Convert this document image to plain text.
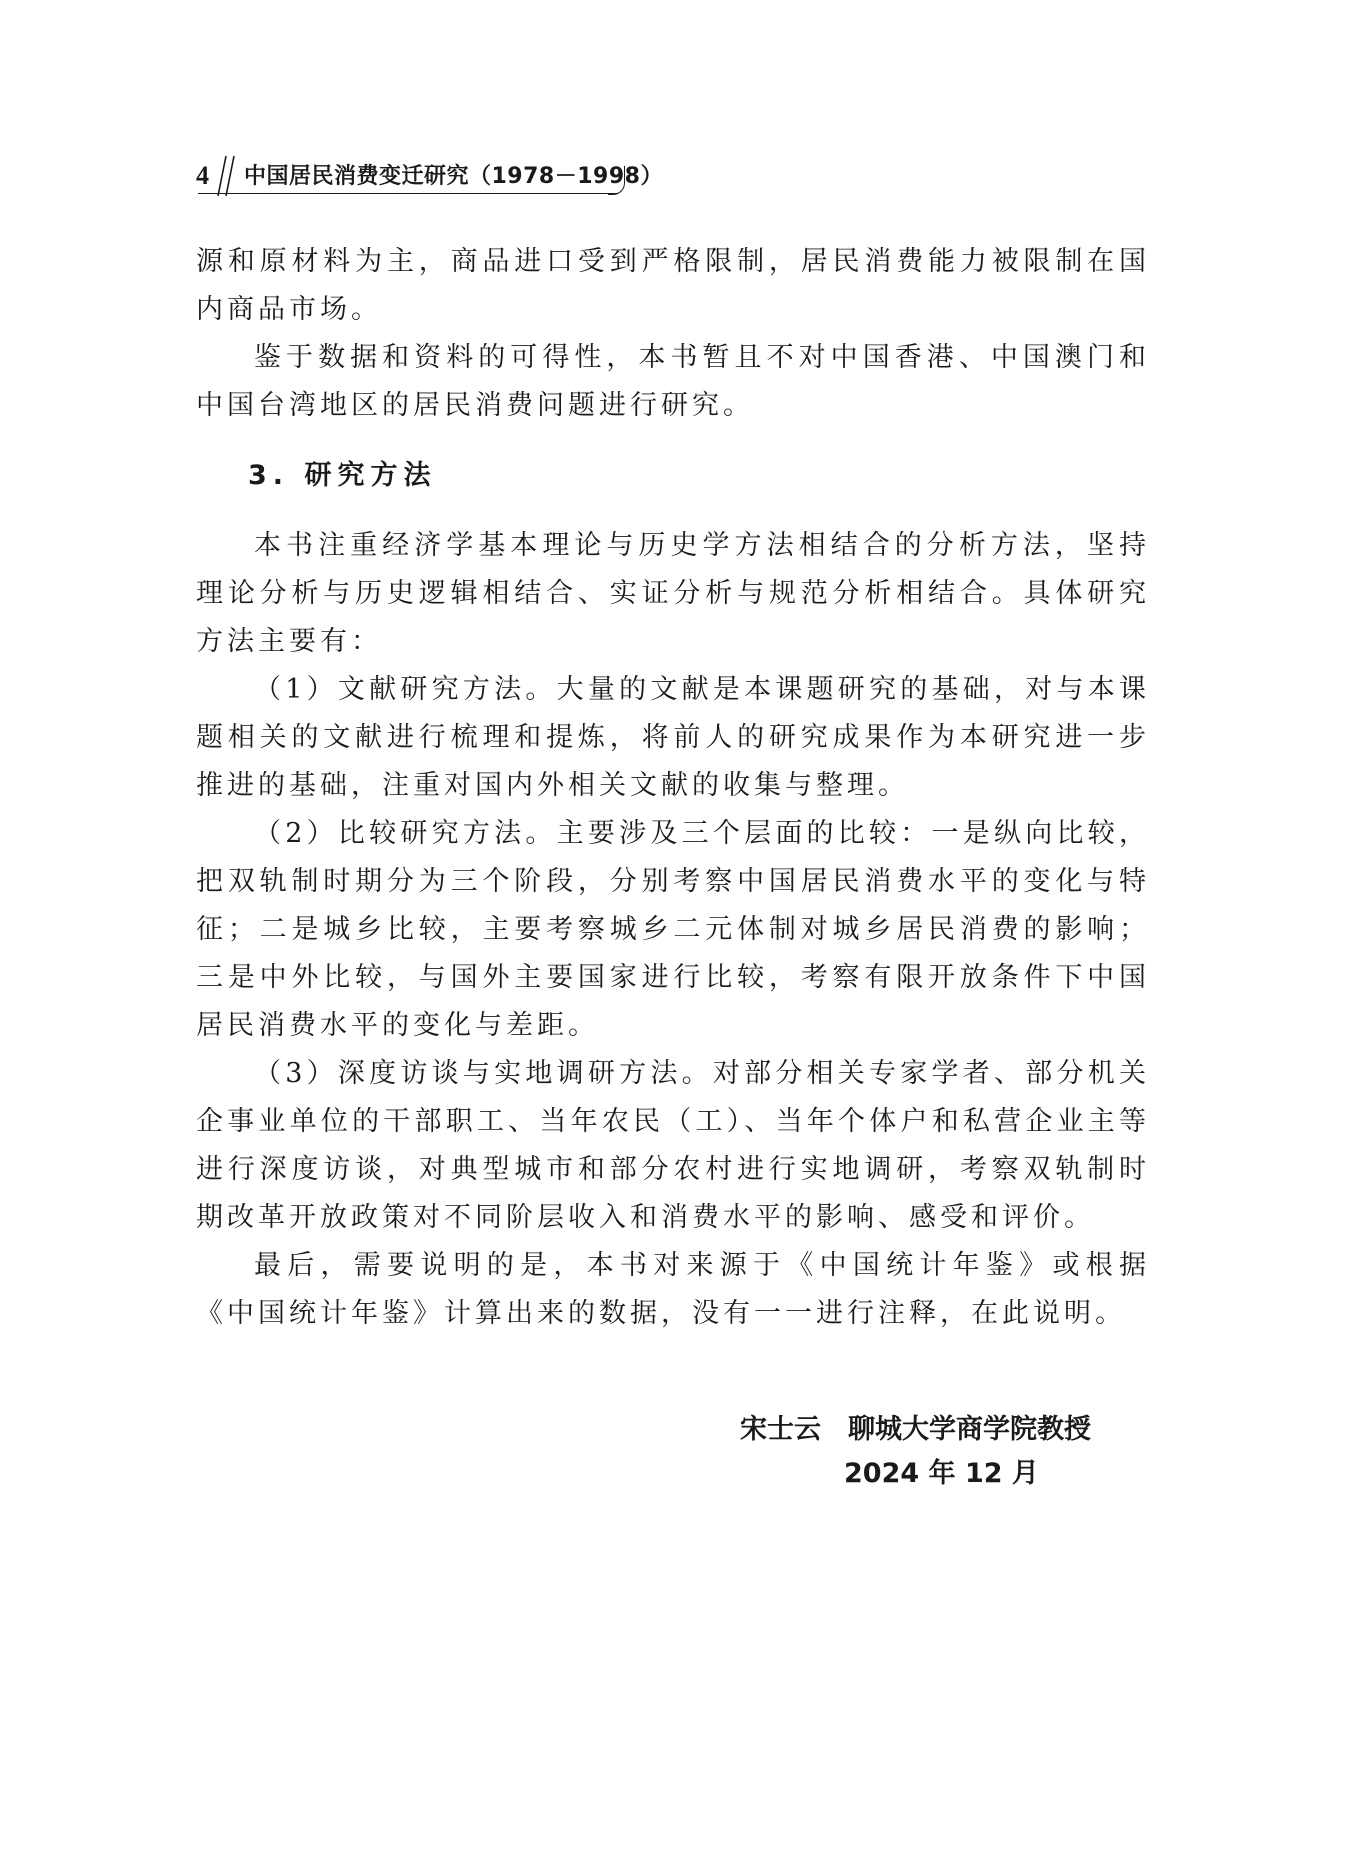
4 中国居民消费变迁研究（1978－1998）

源和原材料为主，商品进口受到严格限制，居民消费能力被限制在国内商品市场。

鉴于数据和资料的可得性，本书暂且不对中国香港、中国澳门和中国台湾地区的居民消费问题进行研究。

3. 研究方法

本书注重经济学基本理论与历史学方法相结合的分析方法，坚持理论分析与历史逻辑相结合、实证分析与规范分析相结合。具体研究方法主要有：

（1）文献研究方法。大量的文献是本课题研究的基础，对与本课题相关的文献进行梳理和提炼，将前人的研究成果作为本研究进一步推进的基础，注重对国内外相关文献的收集与整理。

（2）比较研究方法。主要涉及三个层面的比较：一是纵向比较，把双轨制时期分为三个阶段，分别考察中国居民消费水平的变化与特征；二是城乡比较，主要考察城乡二元体制对城乡居民消费的影响；三是中外比较，与国外主要国家进行比较，考察有限开放条件下中国居民消费水平的变化与差距。

（3）深度访谈与实地调研方法。对部分相关专家学者、部分机关企事业单位的干部职工、当年农民（工）、当年个体户和私营企业主等进行深度访谈，对典型城市和部分农村进行实地调研，考察双轨制时期改革开放政策对不同阶层收入和消费水平的影响、感受和评价。

最后，需要说明的是，本书对来源于《中国统计年鉴》或根据《中国统计年鉴》计算出来的数据，没有一一进行注释，在此说明。

宋士云　聊城大学商学院教授
2024 年 12 月
